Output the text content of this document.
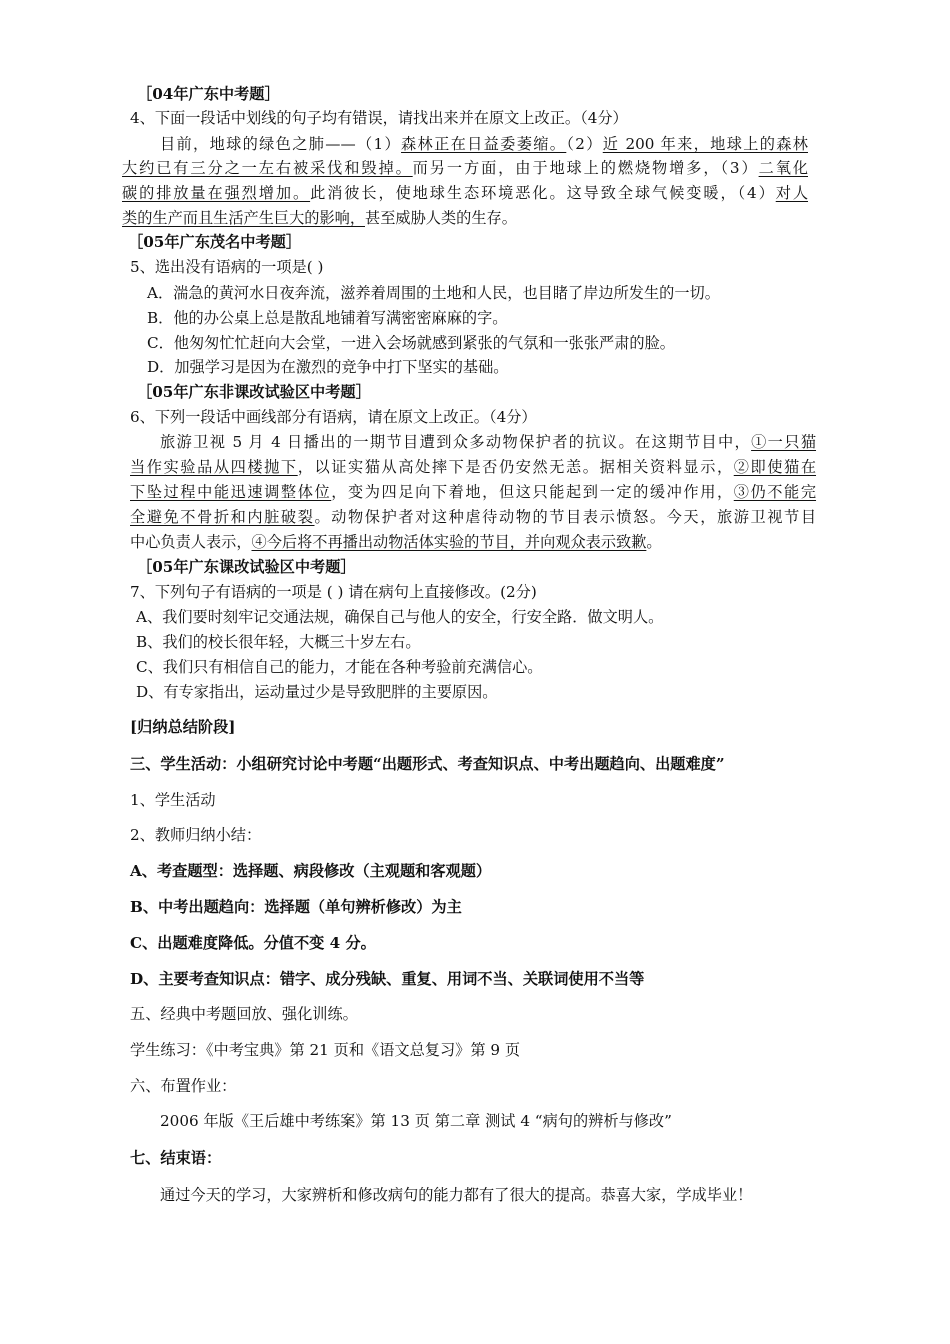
［04年广东中考题］
4、下面一段话中划线的句子均有错误，请找出来并在原文上改正。（4分）
目前，地球的绿色之肺——（1）森林正在日益委萎缩。（2）近 200 年来，地球上的森林
大约已有三分之一左右被采伐和毁掉。而另一方面，由于地球上的燃烧物增多，（3）二氧化
碳的排放量在强烈增加。此消彼长，使地球生态环境恶化。这导致全球气候变暖，（4）对人
类的生产而且生活产生巨大的影响，甚至威胁人类的生存。
［05年广东茂名中考题］
5、选出没有语病的一项是( )
A．湍急的黄河水日夜奔流，滋养着周围的土地和人民，也目睹了岸边所发生的一切。
B．他的办公桌上总是散乱地铺着写满密密麻麻的字。
C．他匆匆忙忙赶向大会堂，一进入会场就感到紧张的气氛和一张张严肃的脸。
D．加强学习是因为在激烈的竞争中打下坚实的基础。
［05年广东非课改试验区中考题］
6、下列一段话中画线部分有语病，请在原文上改正。（4分）
旅游卫视 5 月 4 日播出的一期节目遭到众多动物保护者的抗议。在这期节目中，①一只猫
当作实验品从四楼抛下，以证实猫从高处摔下是否仍安然无恙。据相关资料显示，②即使猫在
下坠过程中能迅速调整体位，变为四足向下着地，但这只能起到一定的缓冲作用，③仍不能完
全避免不骨折和内脏破裂。动物保护者对这种虐待动物的节目表示愤怒。今天，旅游卫视节目
中心负责人表示，④今后将不再播出动物活体实验的节目，并向观众表示致歉。
［05年广东课改试验区中考题］
7、下列句子有语病的一项是 ( ) 请在病句上直接修改。(2分)
A、我们要时刻牢记交通法规，确保自己与他人的安全，行安全路．做文明人。
B、我们的校长很年轻，大概三十岁左右。
C、我们只有相信自己的能力，才能在各种考验前充满信心。
D、有专家指出，运动量过少是导致肥胖的主要原因。
[归纳总结阶段]
三、学生活动：小组研究讨论中考题“出题形式、考查知识点、中考出题趋向、出题难度”
1、学生活动
2、教师归纳小结：
A、考查题型：选择题、病段修改（主观题和客观题）
B、中考出题趋向：选择题（单句辨析修改）为主
C、出题难度降低。分值不变 4 分。
D、主要考查知识点：错字、成分残缺、重复、用词不当、关联词使用不当等
五、经典中考题回放、强化训练。
学生练习：《中考宝典》第 21 页和《语文总复习》第 9 页
六、布置作业：
2006 年版《王后雄中考练案》第 13 页 第二章 测试 4 “病句的辨析与修改”
七、结束语：
通过今天的学习，大家辨析和修改病句的能力都有了很大的提高。恭喜大家，学成毕业！
